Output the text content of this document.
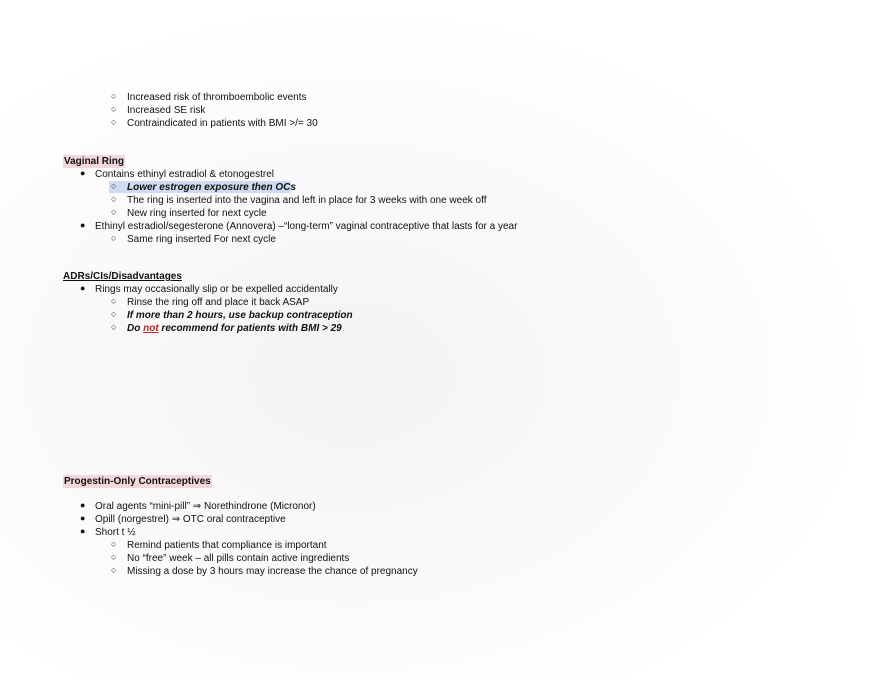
○ Increased risk of thromboembolic events
○ Increased SE risk
○ Contraindicated in patients with BMI >/= 30
Vaginal Ring
● Contains ethinyl estradiol & etonogestrel
○ Lower estrogen exposure then OCs
○ The ring is inserted into the vagina and left in place for 3 weeks with one week off
○ New ring inserted for next cycle
● Ethinyl estradiol/segesterone (Annovera) –“long-term” vaginal contraceptive that lasts for a year
○ Same ring inserted For next cycle
ADRs/CIs/Disadvantages
● Rings may occasionally slip or be expelled accidentally
○ Rinse the ring off and place it back ASAP
○ If more than 2 hours, use backup contraception
○ Do not recommend for patients with BMI > 29
Progestin-Only Contraceptives
● Oral agents “mini-pill” ⇒ Norethindrone (Micronor)
● Opill (norgestrel) ⇒ OTC oral contraceptive
● Short t ½
○ Remind patients that compliance is important
○ No “free” week – all pills contain active ingredients
○ Missing a dose by 3 hours may increase the chance of pregnancy
